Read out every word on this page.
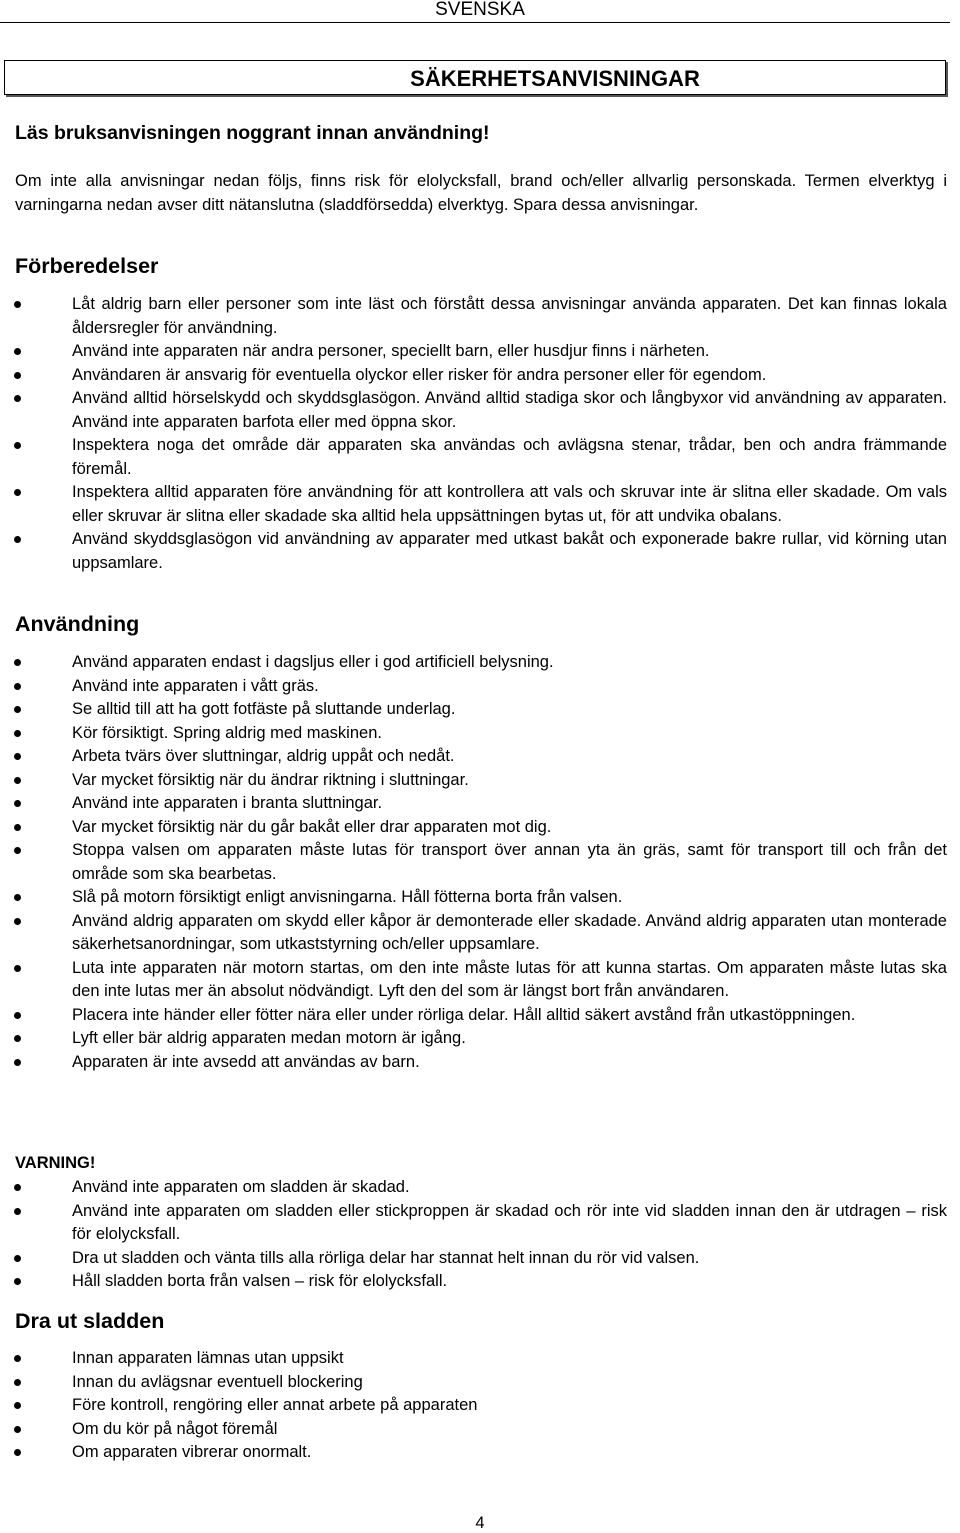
SVENSKA
SÄKERHETSANVISNINGAR
Läs bruksanvisningen noggrant innan användning!
Om inte alla anvisningar nedan följs, finns risk för elolycksfall, brand och/eller allvarlig personskada. Termen elverktyg i varningarna nedan avser ditt nätanslutna (sladdförsedda) elverktyg. Spara dessa anvisningar.
Förberedelser
Låt aldrig barn eller personer som inte läst och förstått dessa anvisningar använda apparaten. Det kan finnas lokala åldersregler för användning.
Använd inte apparaten när andra personer, speciellt barn, eller husdjur finns i närheten.
Användaren är ansvarig för eventuella olyckor eller risker för andra personer eller för egendom.
Använd alltid hörselskydd och skyddsglasögon. Använd alltid stadiga skor och långbyxor vid användning av apparaten. Använd inte apparaten barfota eller med öppna skor.
Inspektera noga det område där apparaten ska användas och avlägsna stenar, trådar, ben och andra främmande föremål.
Inspektera alltid apparaten före användning för att kontrollera att vals och skruvar inte är slitna eller skadade. Om vals eller skruvar är slitna eller skadade ska alltid hela uppsättningen bytas ut, för att undvika obalans.
Använd skyddsglasögon vid användning av apparater med utkast bakåt och exponerade bakre rullar, vid körning utan uppsamlare.
Användning
Använd apparaten endast i dagsljus eller i god artificiell belysning.
Använd inte apparaten i vått gräs.
Se alltid till att ha gott fotfäste på sluttande underlag.
Kör försiktigt. Spring aldrig med maskinen.
Arbeta tvärs över sluttningar, aldrig uppåt och nedåt.
Var mycket försiktig när du ändrar riktning i sluttningar.
Använd inte apparaten i branta sluttningar.
Var mycket försiktig när du går bakåt eller drar apparaten mot dig.
Stoppa valsen om apparaten måste lutas för transport över annan yta än gräs, samt för transport till och från det område som ska bearbetas.
Slå på motorn försiktigt enligt anvisningarna. Håll fötterna borta från valsen.
Använd aldrig apparaten om skydd eller kåpor är demonterade eller skadade. Använd aldrig apparaten utan monterade säkerhetsanordningar, som utkaststyrning och/eller uppsamlare.
Luta inte apparaten när motorn startas, om den inte måste lutas för att kunna startas. Om apparaten måste lutas ska den inte lutas mer än absolut nödvändigt. Lyft den del som är längst bort från användaren.
Placera inte händer eller fötter nära eller under rörliga delar. Håll alltid säkert avstånd från utkastöppningen.
Lyft eller bär aldrig apparaten medan motorn är igång.
Apparaten är inte avsedd att användas av barn.
VARNING!
Använd inte apparaten om sladden är skadad.
Använd inte apparaten om sladden eller stickproppen är skadad och rör inte vid sladden innan den är utdragen – risk för elolycksfall.
Dra ut sladden och vänta tills alla rörliga delar har stannat helt innan du rör vid valsen.
Håll sladden borta från valsen – risk för elolycksfall.
Dra ut sladden
Innan apparaten lämnas utan uppsikt
Innan du avlägsnar eventuell blockering
Före kontroll, rengöring eller annat arbete på apparaten
Om du kör på något föremål
Om apparaten vibrerar onormalt.
4
